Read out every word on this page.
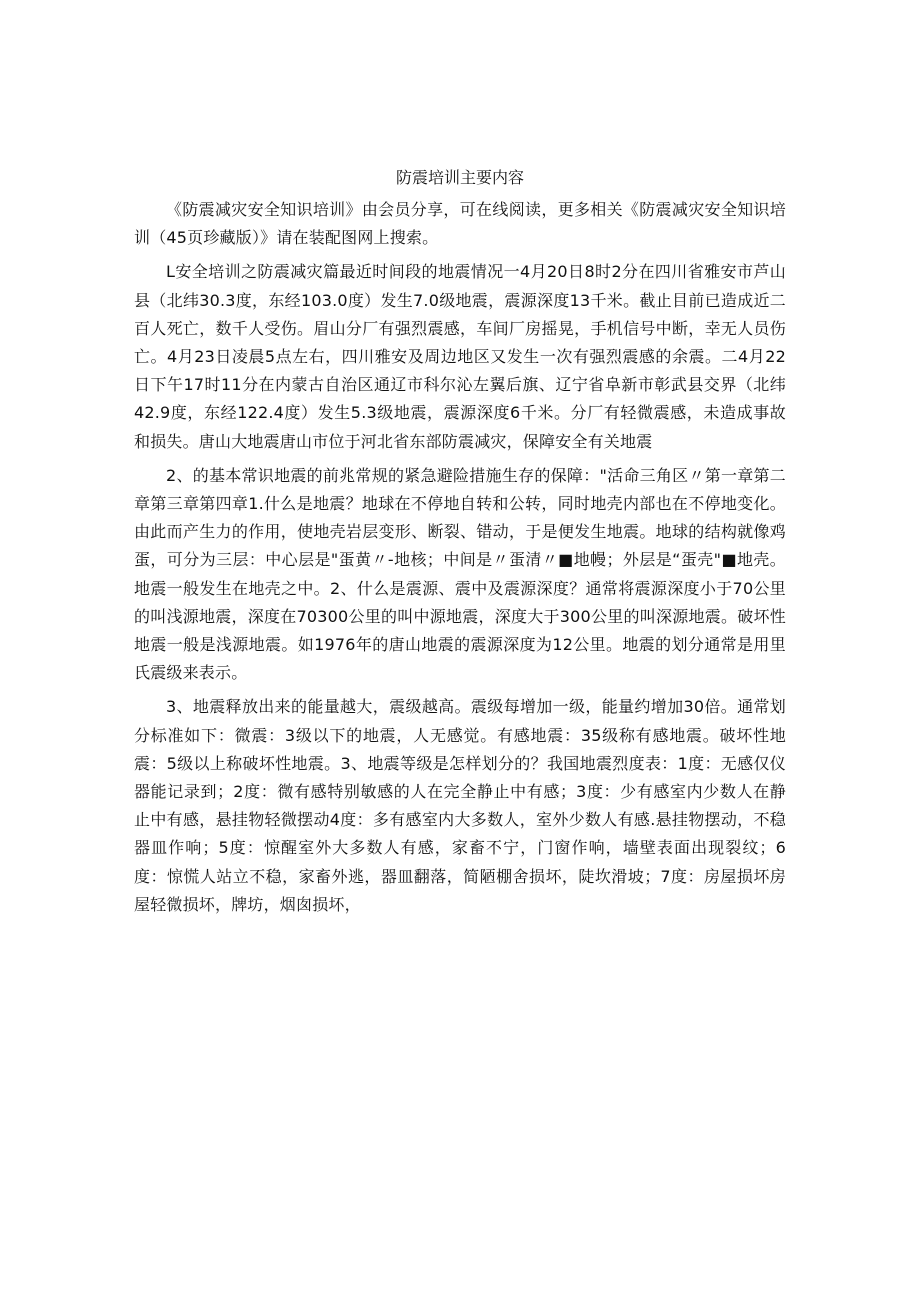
防震培训主要内容

《防震减灾安全知识培训》由会员分享，可在线阅读，更多相关《防震减灾安全知识培训（45页珍藏版）》请在装配图网上搜索。

L安全培训之防震减灾篇最近时间段的地震情况一4月20日8时2分在四川省雅安市芦山县（北纬30.3度，东经103.0度）发生7.0级地震，震源深度13千米。截止目前已造成近二百人死亡，数千人受伤。眉山分厂有强烈震感，车间厂房摇晃，手机信号中断，幸无人员伤亡。4月23日凌晨5点左右，四川雅安及周边地区又发生一次有强烈震感的余震。二4月22日下午17时11分在内蒙古自治区通辽市科尔沁左翼后旗、辽宁省阜新市彰武县交界（北纬42.9度，东经122.4度）发生5.3级地震，震源深度6千米。分厂有轻微震感，未造成事故和损失。唐山大地震唐山市位于河北省东部防震减灾，保障安全有关地震

2、的基本常识地震的前兆常规的紧急避险措施生存的保障："活命三角区〃第一章第二章第三章第四章1.什么是地震？地球在不停地自转和公转，同时地壳内部也在不停地变化。由此而产生力的作用，使地壳岩层变形、断裂、错动，于是便发生地震。地球的结构就像鸡蛋，可分为三层：中心层是"蛋黄〃-地核；中间是〃蛋清〃■地幔；外层是“蛋壳"■地壳。地震一般发生在地壳之中。2、什么是震源、震中及震源深度？通常将震源深度小于70公里的叫浅源地震，深度在70300公里的叫中源地震，深度大于300公里的叫深源地震。破坏性地震一般是浅源地震。如1976年的唐山地震的震源深度为12公里。地震的划分通常是用里氏震级来表示。

3、地震释放出来的能量越大，震级越高。震级每增加一级，能量约增加30倍。通常划分标准如下：微震：3级以下的地震，人无感觉。有感地震：35级称有感地震。破坏性地震：5级以上称破坏性地震。3、地震等级是怎样划分的？我国地震烈度表：1度：无感仅仪器能记录到；2度：微有感特别敏感的人在完全静止中有感；3度：少有感室内少数人在静止中有感，悬挂物轻微摆动4度：多有感室内大多数人，室外少数人有感.悬挂物摆动，不稳器皿作响；5度：惊醒室外大多数人有感，家畜不宁，门窗作响，墙壁表面出现裂纹；6度：惊慌人站立不稳，家畜外逃，器皿翻落，简陋棚舍损坏，陡坎滑坡；7度：房屋损坏房屋轻微损坏，牌坊，烟囱损坏，
